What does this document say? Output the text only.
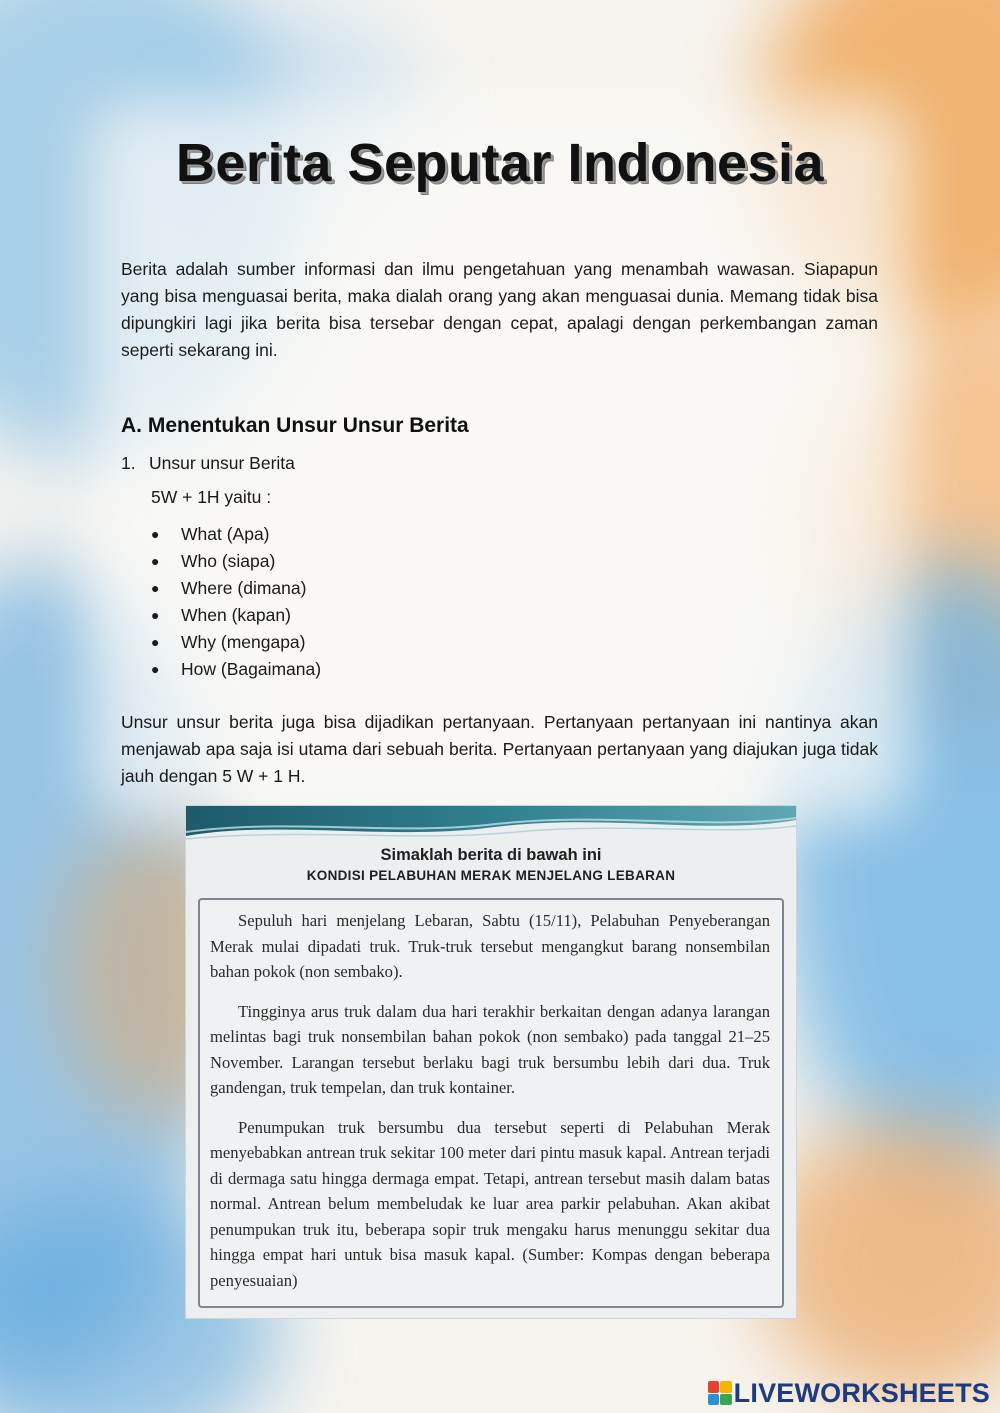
Berita Seputar Indonesia

Berita adalah sumber informasi dan ilmu pengetahuan yang menambah wawasan. Siapapun yang bisa menguasai berita, maka dialah orang yang akan menguasai dunia. Memang tidak bisa dipungkiri lagi jika berita bisa tersebar dengan cepat, apalagi dengan perkembangan zaman seperti sekarang ini.

A. Menentukan Unsur Unsur Berita

1. Unsur unsur Berita

5W + 1H yaitu :

●	What (Apa)
●	Who (siapa)
●	Where (dimana)
●	When (kapan)
●	Why (mengapa)
●	How (Bagaimana)

Unsur unsur berita juga bisa dijadikan pertanyaan. Pertanyaan pertanyaan ini nantinya akan menjawab apa saja isi utama dari sebuah berita. Pertanyaan pertanyaan yang diajukan juga tidak jauh dengan 5 W + 1 H.

Simaklah berita di bawah ini

KONDISI PELABUHAN MERAK MENJELANG LEBARAN

Sepuluh hari menjelang Lebaran, Sabtu (15/11), Pelabuhan Penyeberangan Merak mulai dipadati truk. Truk-truk tersebut mengangkut barang nonsembilan bahan pokok (non sembako).

Tingginya arus truk dalam dua hari terakhir berkaitan dengan adanya larangan melintas bagi truk nonsembilan bahan pokok (non sembako) pada tanggal 21–25 November. Larangan tersebut berlaku bagi truk bersumbu lebih dari dua. Truk gandengan, truk tempelan, dan truk kontainer.

Penumpukan truk bersumbu dua tersebut seperti di Pelabuhan Merak menyebabkan antrean truk sekitar 100 meter dari pintu masuk kapal. Antrean terjadi di dermaga satu hingga dermaga empat. Tetapi, antrean tersebut masih dalam batas normal. Antrean belum membeludak ke luar area parkir pelabuhan. Akan akibat penumpukan truk itu, beberapa sopir truk mengaku harus menunggu sekitar dua hingga empat hari untuk bisa masuk kapal. (Sumber: Kompas dengan beberapa penyesuaian)

LIVEWORKSHEETS
